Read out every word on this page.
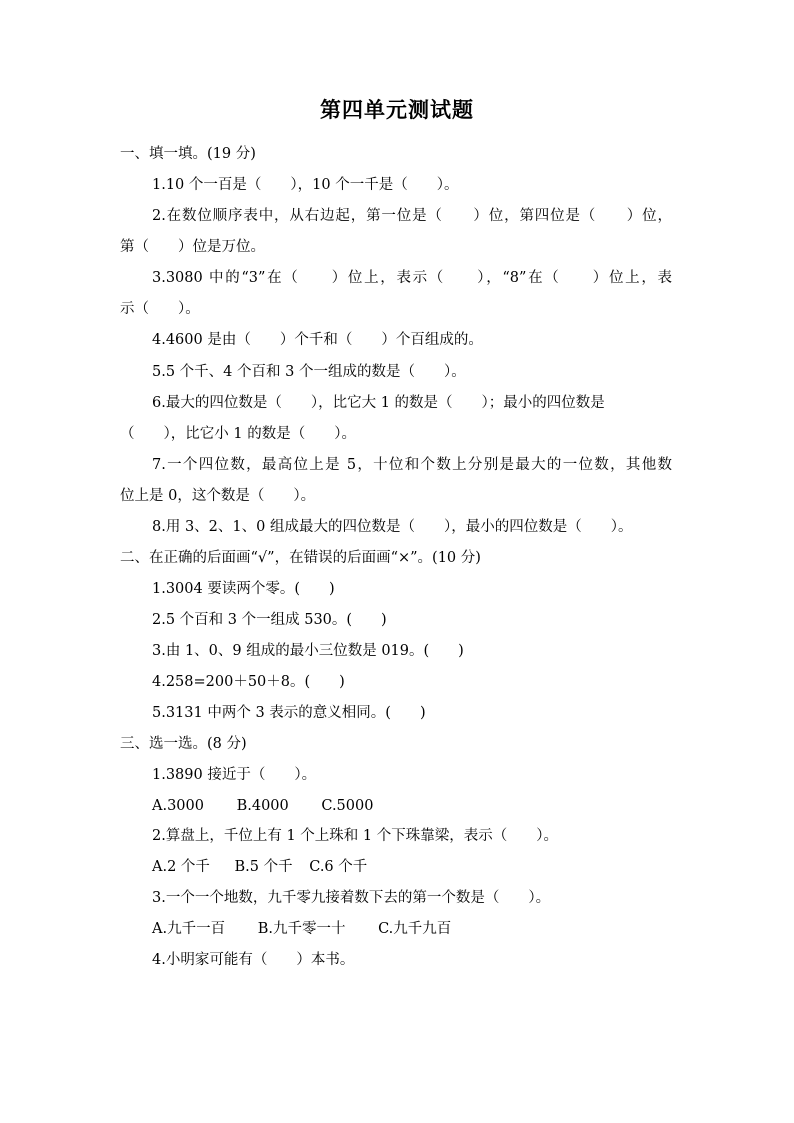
第四单元测试题
一、填一填。(19 分)
1.10 个一百是（　　），10 个一千是（　　）。
2.在数位顺序表中，从右边起，第一位是（　　）位，第四位是（　　）位，
第（　　）位是万位。
3.3080 中的“3”在（　　）位上，表示（　　），“8”在（　　）位上，表
示（　　）。
4.4600 是由（　　）个千和（　　）个百组成的。
5.5 个千、4 个百和 3 个一组成的数是（　　）。
6.最大的四位数是（　　），比它大 1 的数是（　　）；最小的四位数是
（　　），比它小 1 的数是（　　）。
7.一个四位数，最高位上是 5，十位和个数上分别是最大的一位数，其他数
位上是 0，这个数是（　　）。
8.用 3、2、1、0 组成最大的四位数是（　　），最小的四位数是（　　）。
二、在正确的后面画“√”，在错误的后面画“×”。(10 分)
1.3004 要读两个零。(　　)
2.5 个百和 3 个一组成 530。(　　)
3.由 1、0、9 组成的最小三位数是 019。(　　)
4.258=200＋50＋8。(　　)
5.3131 中两个 3 表示的意义相同。(　　)
三、选一选。(8 分)
1.3890 接近于（　　）。
A.3000 B.4000 C.5000
2.算盘上，千位上有 1 个上珠和 1 个下珠靠梁，表示（　　）。
A.2 个千 B.5 个千 C.6 个千
3.一个一个地数，九千零九接着数下去的第一个数是（　　）。
A.九千一百 B.九千零一十 C.九千九百
4.小明家可能有（　　）本书。
